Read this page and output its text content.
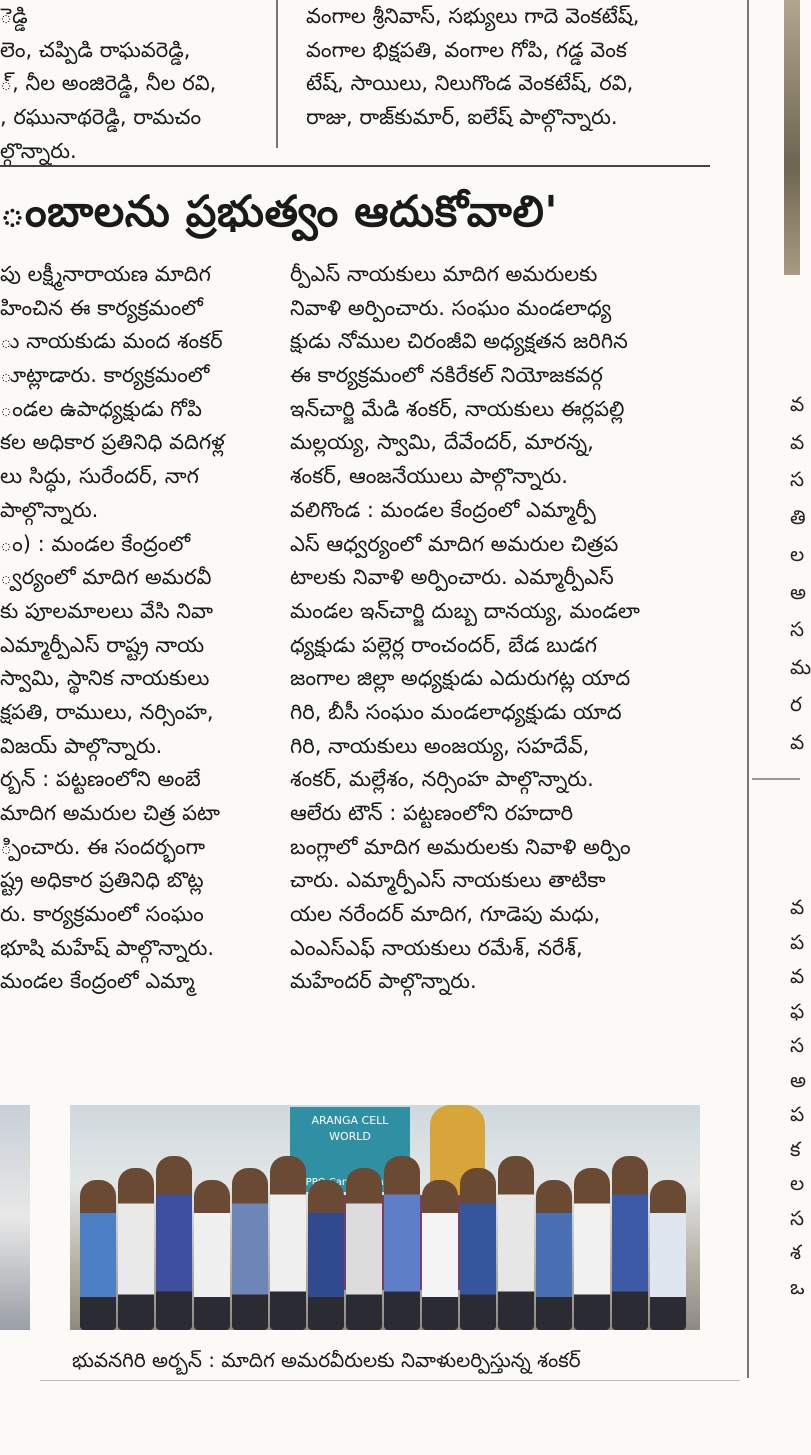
ెడ్డి
లెం, చప్పిడి రాఘవరెడ్డి,
్, నీల అంజిరెడ్డి, నీల రవి,
, రఘునాథరెడ్డి, రామచం
ల్గొన్నారు.
వంగాల శ్రీనివాస్, సభ్యులు గాదె వెంకటేష్,
వంగాల భిక్షపతి, వంగాల గోపి, గడ్డ వెంక
టేష్, సాయిలు, నిలుగొండ వెంకటేష్, రవి,
రాజు, రాజ్‌కుమార్, ఐలేష్ పాల్గొన్నారు.
ంబాలను ప్రభుత్వం ఆదుకోవాలి'
పు లక్ష్మీనారాయణ మాదిగ
హించిన ఈ కార్యక్రమంలో
ు నాయకుడు మంద శంకర్
ూట్లాడారు. కార్యక్రమంలో
ండల ఉపాధ్యక్షుడు గోపి
కల అధికార ప్రతినిధి వదిగళ్ల
లు సిద్ధు, సురేందర్, నాగ
పాల్గొన్నారు.
ం) : మండల కేంద్రంలో
్వర్యంలో మాదిగ అమరవీ
కు పూలమాలలు వేసి నివా
ఎమ్మార్పీఎస్ రాష్ట్ర నాయ
స్వామి, స్థానిక నాయకులు
క్షపతి, రాములు, నర్సింహ,
విజయ్ పాల్గొన్నారు.
ర్బన్ : పట్టణంలోని అంబే
మాదిగ అమరుల చిత్ర పటా
్పించారు. ఈ సందర్భంగా
ష్ట్ర అధికార ప్రతినిధి బొట్ల
రు. కార్యక్రమంలో సంఘం
భూషి మహేష్ పాల్గొన్నారు.
మండల కేంద్రంలో ఎమ్మా
ర్పీఎస్ నాయకులు మాదిగ అమరులకు
నివాళి అర్పించారు. సంఘం మండలాధ్య
క్షుడు నోముల చిరంజీవి అధ్యక్షతన జరిగిన
ఈ కార్యక్రమంలో నకిరేకల్ నియోజకవర్గ
ఇన్‌చార్జి మేడి శంకర్, నాయకులు ఈర్లపల్లి
మల్లయ్య, స్వామి, దేవేందర్, మారన్న,
శంకర్, ఆంజనేయులు పాల్గొన్నారు.
వలిగొండ : మండల కేంద్రంలో ఎమ్మార్పీ
ఎస్ ఆధ్వర్యంలో మాదిగ అమరుల చిత్రప
టాలకు నివాళి అర్పించారు. ఎమ్మార్పీఎస్
మండల ఇన్‌చార్జి దుబ్బ దానయ్య, మండలా
ధ్యక్షుడు పల్లెర్ల రాంచందర్, బేడ బుడగ
జంగాల జిల్లా అధ్యక్షుడు ఎదురుగట్ల యాద
గిరి, బీసీ సంఘం మండలాధ్యక్షుడు యాద
గిరి, నాయకులు అంజయ్య, సహదేవ్,
శంకర్, మల్లేశం, నర్సింహ పాల్గొన్నారు.
ఆలేరు టౌన్ : పట్టణంలోని రహదారి
బంగ్లాలో మాదిగ అమరులకు నివాళి అర్పిం
చారు. ఎమ్మార్పీఎస్ నాయకులు తాటికా
యల నరేందర్ మాదిగ, గూడెపు మధు,
ఎంఎస్ఎఫ్ నాయకులు రమేశ్, నరేశ్,
మహేందర్ పాల్గొన్నారు.
ARANGA CELL WORLD
OPPO
భువనగిరి అర్బన్ : మాదిగ అమరవీరులకు నివాళులర్పిస్తున్న శంకర్
వ
వ
స
తి
ల
అ
స
మ
ర
వ
వ
ప
వ
ఫ
స
అ
ప
క
ల
స
శ
ఒ
